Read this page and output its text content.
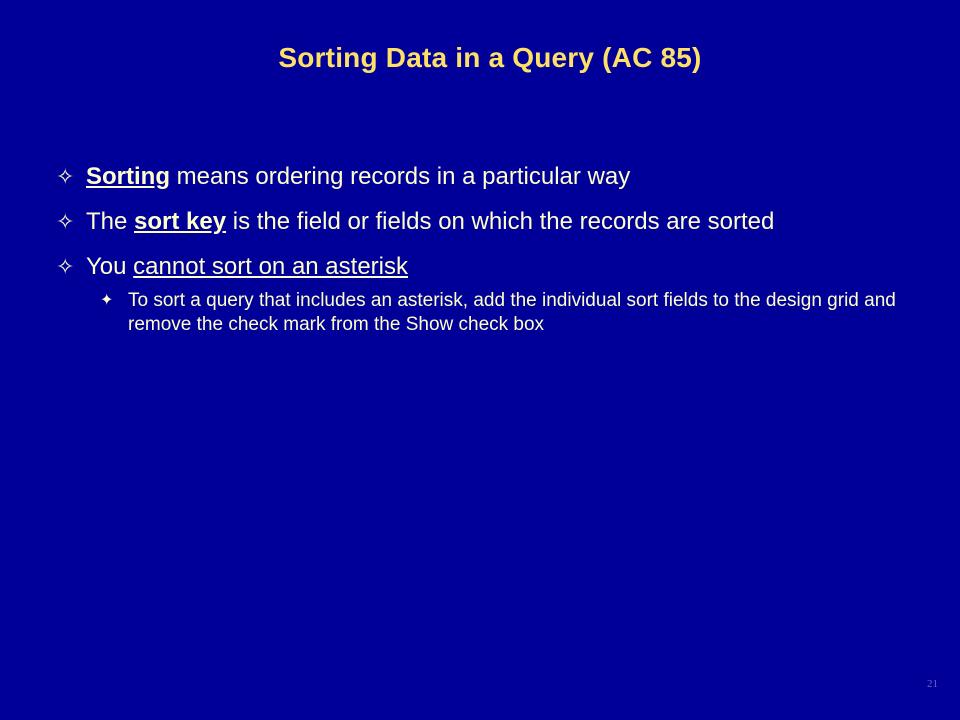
Sorting Data in a Query (AC 85)
✧ Sorting means ordering records in a particular way
✧ The sort key is the field or fields on which the records are sorted
✧ You cannot sort on an asterisk
✦ To sort a query that includes an asterisk, add the individual sort fields to the design grid and remove the check mark from the Show check box
21
